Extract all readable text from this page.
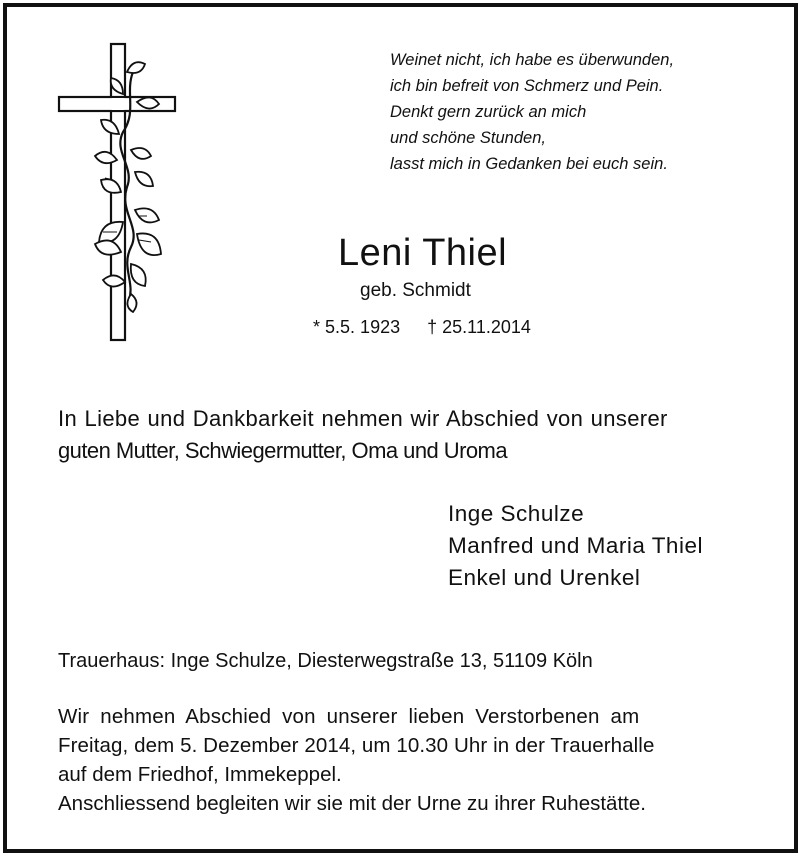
Weinet nicht, ich habe es überwunden,
ich bin befreit von Schmerz und Pein.
Denkt gern zurück an mich
und schöne Stunden,
lasst mich in Gedanken bei euch sein.
Leni Thiel
geb. Schmidt
* 5.5. 1923 † 25.11.2014
In Liebe und Dankbarkeit nehmen wir Abschied von unserer
guten Mutter, Schwiegermutter, Oma und Uroma
Inge Schulze
Manfred und Maria Thiel
Enkel und Urenkel
Trauerhaus: Inge Schulze, Diesterwegstraße 13, 51109 Köln
Wir nehmen Abschied von unserer lieben Verstorbenen am
Freitag, dem 5. Dezember 2014, um 10.30 Uhr in der Trauerhalle
auf dem Friedhof, Immekeppel.
Anschliessend begleiten wir sie mit der Urne zu ihrer Ruhestätte.
